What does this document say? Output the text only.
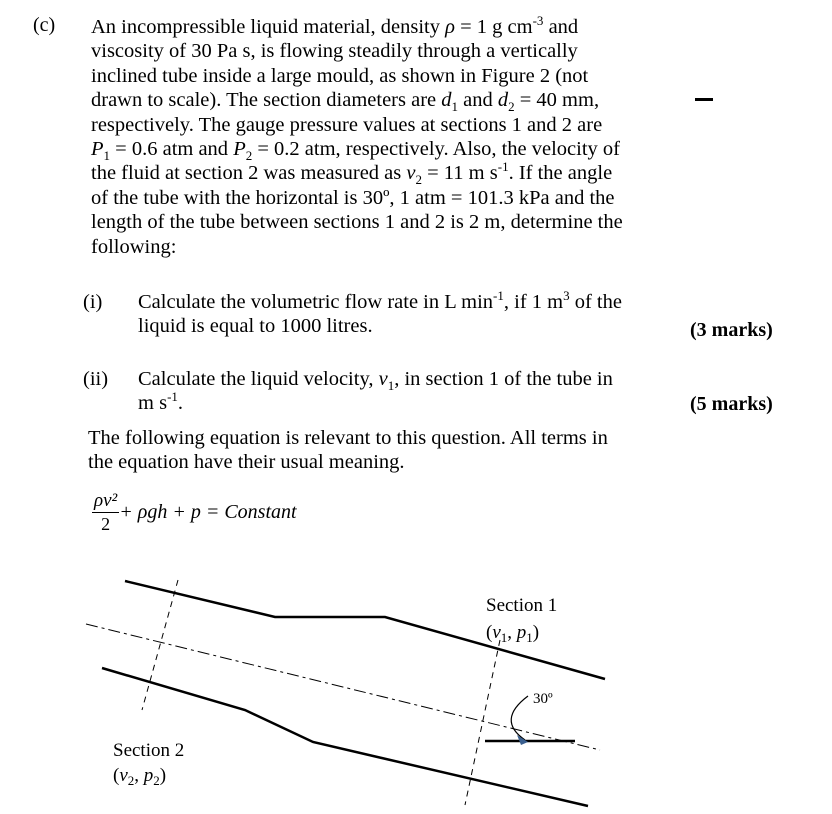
(c) An incompressible liquid material, density ρ = 1 g $cm^{-3}$ and
viscosity of 30 Pa s, is flowing steadily through a vertically
inclined tube inside a large mould, as shown in Figure 2 (not
drawn to scale). The section diameters are $d_1$ and $d_2 = 40$ mm,
respectively. The gauge pressure values at sections 1 and 2 are
$P_1 = 0.6$ atm and $P_2 = 0.2$ atm, respectively. Also, the velocity of
the fluid at section 2 was measured as $v_2 = 11$ m $s^{-1}$. If the angle
of the tube with the horizontal is 30º, 1 atm = 101.3 kPa and the
length of the tube between sections 1 and 2 is 2 m, determine the
following:
(i) Calculate the volumetric flow rate in L $\min^{-1}$, if 1 $m^3$ of the
liquid is equal to 1000 litres.	(3 marks)
(ii) Calculate the liquid velocity, $v_1$, in section 1 of the tube in
m $s^{-1}$.	(5 marks)
The following equation is relevant to this question. All terms in
the equation have their usual meaning.
$\frac{\text{ρv²}}{2} + \rho gh + p$ = Constant
30º
Section 1
($v_1$, $p_1$)
Section 2
($v_2$, $p_2$)
